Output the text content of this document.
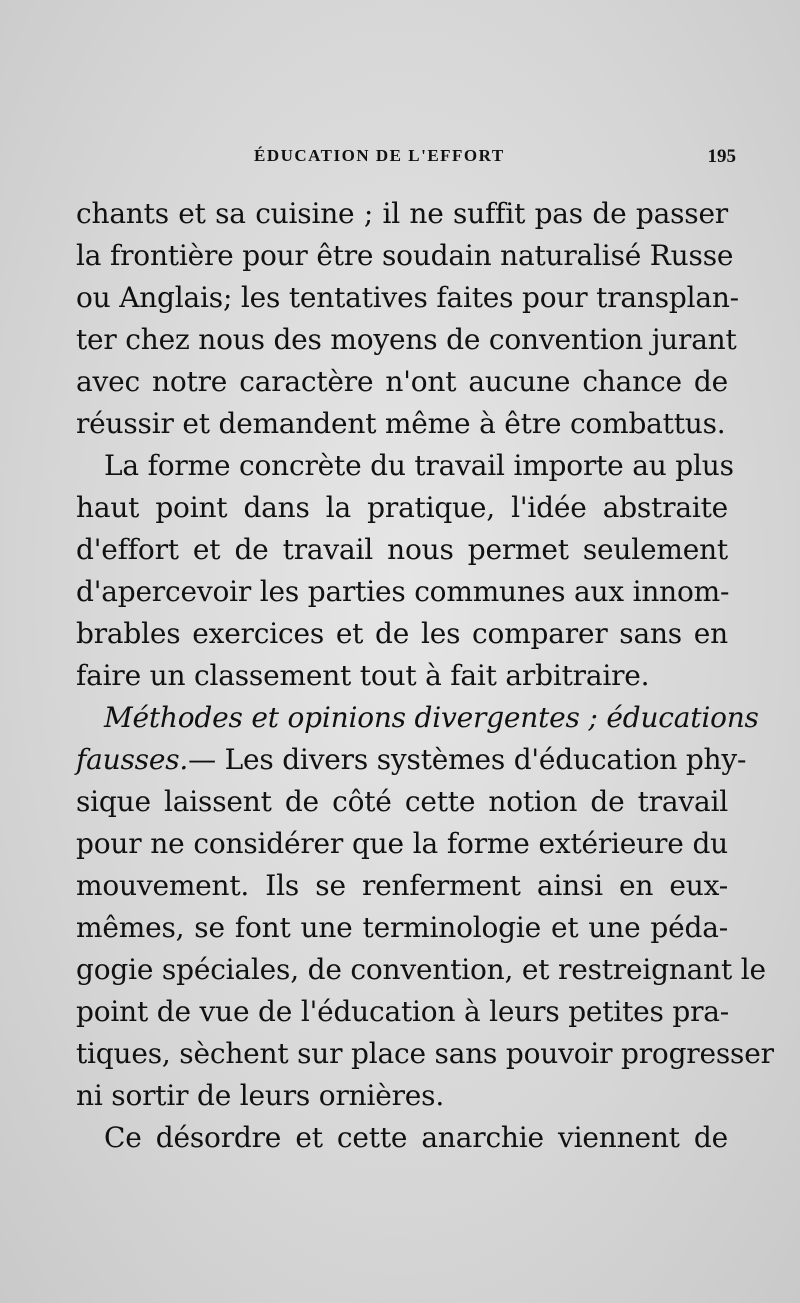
ÉDUCATION DE L'EFFORT	195
chants et sa cuisine ; il ne suffit pas de passer
la frontière pour être soudain naturalisé Russe
ou Anglais; les tentatives faites pour transplan-
ter chez nous des moyens de convention jurant
avec notre caractère n'ont aucune chance de
réussir et demandent même à être combattus.
La forme concrète du travail importe au plus
haut point dans la pratique, l'idée abstraite
d'effort et de travail nous permet seulement
d'apercevoir les parties communes aux innom-
brables exercices et de les comparer sans en
faire un classement tout à fait arbitraire.
Méthodes et opinions divergentes ; éducations
fausses.— Les divers systèmes d'éducation phy-
sique laissent de côté cette notion de travail
pour ne considérer que la forme extérieure du
mouvement. Ils se renferment ainsi en eux-
mêmes, se font une terminologie et une péda-
gogie spéciales, de convention, et restreignant le
point de vue de l'éducation à leurs petites pra-
tiques, sèchent sur place sans pouvoir progresser
ni sortir de leurs ornières.
Ce désordre et cette anarchie viennent de
